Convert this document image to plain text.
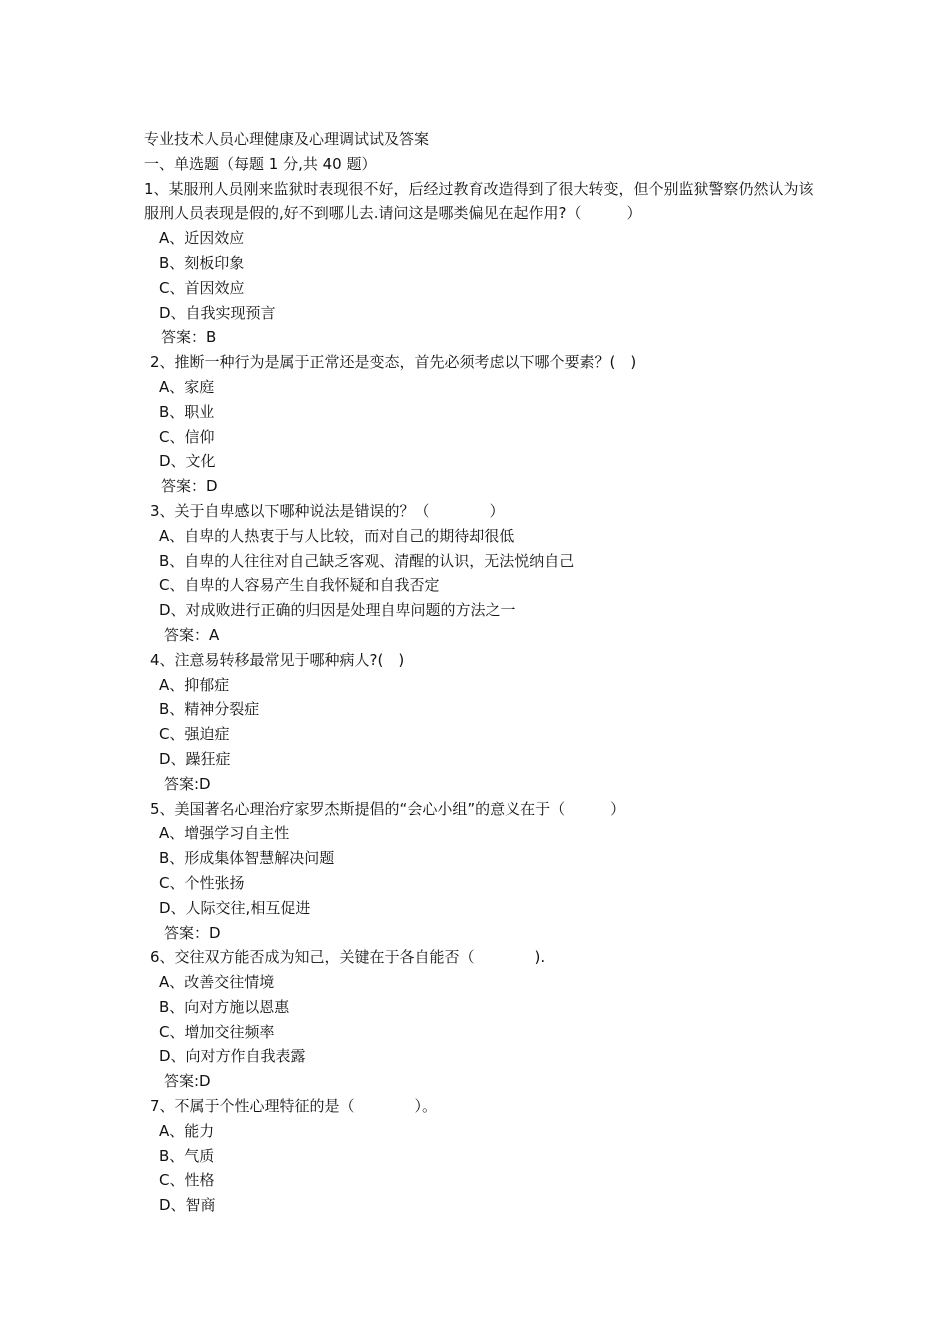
专业技术人员心理健康及心理调试试及答案
一、单选题（每题 1 分,共 40 题）
1、某服刑人员刚来监狱时表现很不好，后经过教育改造得到了很大转变，但个别监狱警察仍然认为该服刑人员表现是假的,好不到哪儿去.请问这是哪类偏见在起作用?（　　　）
A、近因效应
B、刻板印象
C、首因效应
D、自我实现预言
答案：B
2、推断一种行为是属于正常还是变态，首先必须考虑以下哪个要素？(　)
A、家庭
B、职业
C、信仰
D、文化
答案：D
3、关于自卑感以下哪种说法是错误的？（　　　　）
A、自卑的人热衷于与人比较，而对自己的期待却很低
B、自卑的人往往对自己缺乏客观、清醒的认识，无法悦纳自己
C、自卑的人容易产生自我怀疑和自我否定
D、对成败进行正确的归因是处理自卑问题的方法之一
答案：A
4、注意易转移最常见于哪种病人?(　)
A、抑郁症
B、精神分裂症
C、强迫症
D、躁狂症
答案:D
5、美国著名心理治疗家罗杰斯提倡的“会心小组”的意义在于（　　　）
A、增强学习自主性
B、形成集体智慧解决问题
C、个性张扬
D、人际交往,相互促进
答案：D
6、交往双方能否成为知己，关键在于各自能否（　　　　).
A、改善交往情境
B、向对方施以恩惠
C、增加交往频率
D、向对方作自我表露
答案:D
7、不属于个性心理特征的是（　　　　）。
A、能力
B、气质
C、性格
D、智商
